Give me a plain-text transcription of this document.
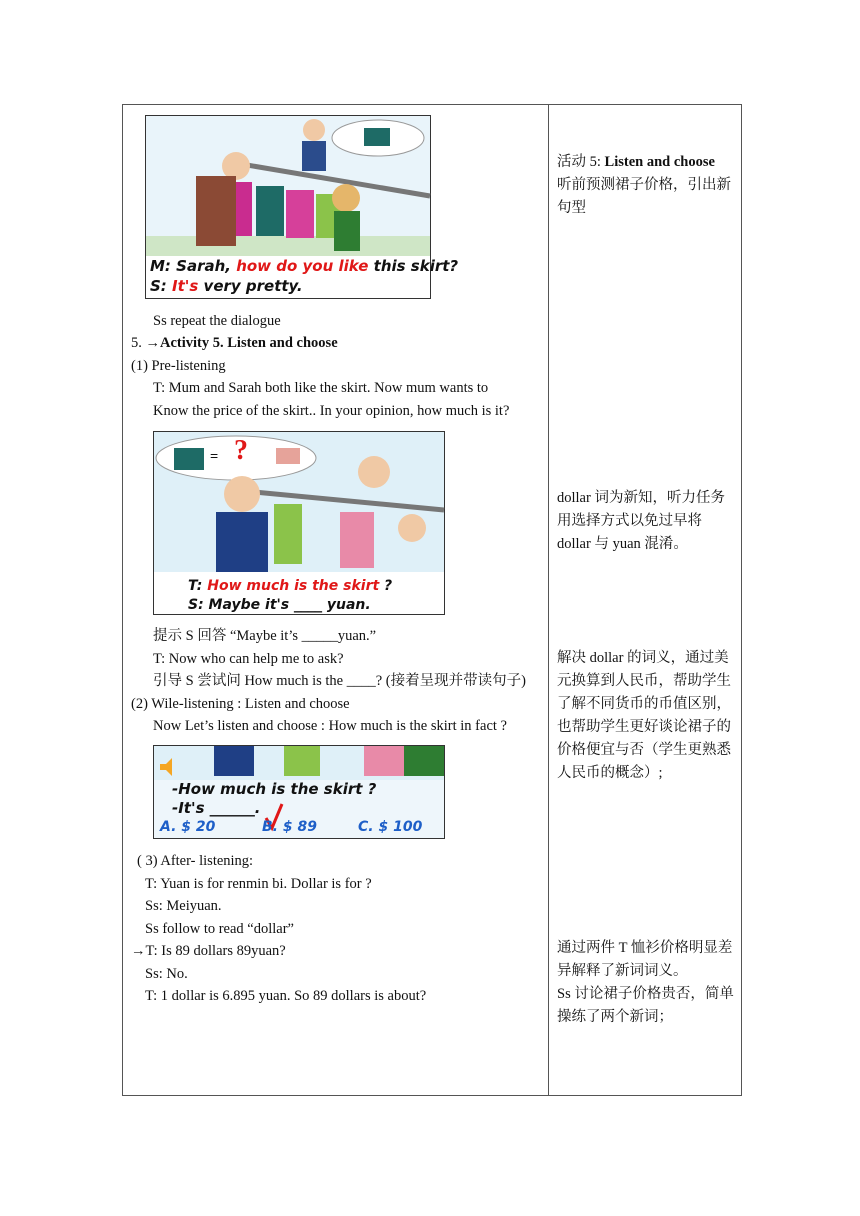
M: Sarah, how do you like this skirt?
S: It's very pretty.
Ss repeat the dialogue
5. →Activity 5. Listen and choose
(1) Pre-listening
T: Mum and Sarah both like the skirt. Now mum wants to
Know the price of the skirt.. In your opinion, how much is it?
= ?
T: How much is the skirt ?
S: Maybe it's ____ yuan.
提示 S 回答 “Maybe it’s _____yuan.”
T: Now who can help me to ask?
引导 S 尝试问 How much is the ____? (接着呈现并带读句子)
(2) Wile-listening : Listen and choose
Now Let’s listen and choose : How much is the skirt in fact ?
-How much is the skirt ?
-It's ______.
A. $ 20	B. $ 89	C. $ 100
( 3) After- listening:
T: Yuan is for renmin bi. Dollar is for ?
Ss: Meiyuan.
Ss follow to read “dollar”
→T: Is 89 dollars 89yuan?
Ss: No.
T: 1 dollar is 6.895 yuan. So 89 dollars is about?
活动 5: Listen and choose
听前预测裙子价格，引出新句型
dollar 词为新知，听力任务用选择方式以免过早将 dollar 与 yuan 混淆。
解决 dollar 的词义，通过美元换算到人民币，帮助学生了解不同货币的币值区别，也帮助学生更好谈论裙子的价格便宜与否（学生更熟悉人民币的概念）;
通过两件 T 恤衫价格明显差异解释了新词词义。
Ss 讨论裙子价格贵否，简单操练了两个新词；
